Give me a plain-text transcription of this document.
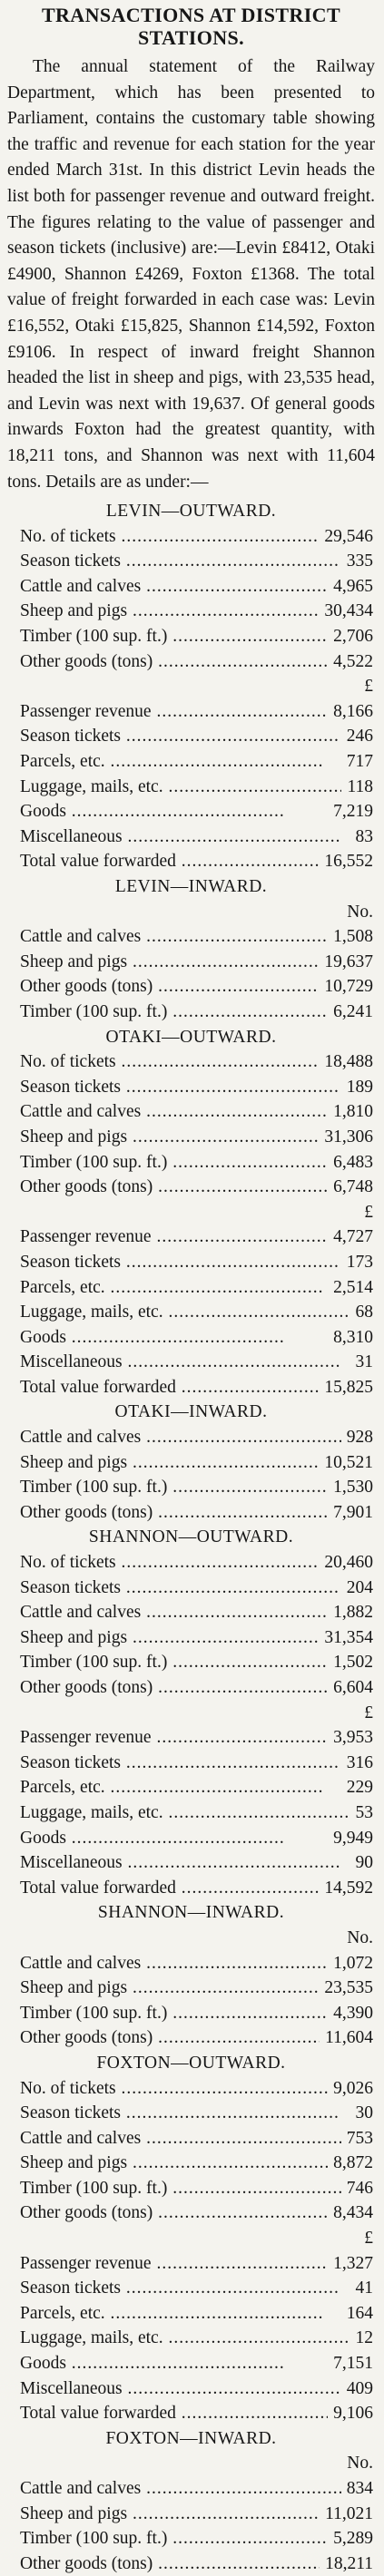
TRANSACTIONS AT DISTRICT
STATIONS.

The annual statement of the Railway Department, which has been presented to Parliament, contains the customary table showing the traffic and revenue for each station for the year ended March 31st. In this district Levin heads the list both for passenger revenue and outward freight. The figures relating to the value of passenger and season tickets (inclusive) are:—Levin £8412, Otaki £4900, Shannon £4269, Foxton £1368. The total value of freight forwarded in each case was: Levin £16,552, Otaki £15,825, Shannon £14,592, Foxton £9106. In respect of inward freight Shannon headed the list in sheep and pigs, with 23,535 head, and Levin was next with 19,637. Of general goods inwards Foxton had the greatest quantity, with 18,211 tons, and Shannon was next with 11,604 tons. Details are as under:—

LEVIN—OUTWARD.
No. of tickets .....	29,546
Season tickets .....	335
Cattle and calves .....	4,965
Sheep and pigs .....	30,434
Timber (100 sup. ft.) .....	2,706
Other goods (tons) .....	4,522
£
Passenger revenue .....	8,166
Season tickets .....	246
Parcels, etc. .....	717
Luggage, mails, etc. .....	118
Goods .....	7,219
Miscellaneous .....	83
Total value forwarded .....	16,552
LEVIN—INWARD.
No.
Cattle and calves .....	1,508
Sheep and pigs .....	19,637
Other goods (tons) .....	10,729
Timber (100 sup. ft.) .....	6,241
OTAKI—OUTWARD.
No. of tickets .....	18,488
Season tickets .....	189
Cattle and calves .....	1,810
Sheep and pigs .....	31,306
Timber (100 sup. ft.) .....	6,483
Other goods (tons) .....	6,748
£
Passenger revenue .....	4,727
Season tickets .....	173
Parcels, etc. .....	2,514
Luggage, mails, etc. .....	68
Goods .....	8,310
Miscellaneous .....	31
Total value forwarded .....	15,825
OTAKI—INWARD.
Cattle and calves .....	928
Sheep and pigs .....	10,521
Timber (100 sup. ft.) .....	1,530
Other goods (tons) .....	7,901
SHANNON—OUTWARD.
No. of tickets .....	20,460
Season tickets .....	204
Cattle and calves .....	1,882
Sheep and pigs .....	31,354
Timber (100 sup. ft.) .....	1,502
Other goods (tons) .....	6,604
£
Passenger revenue .....	3,953
Season tickets .....	316
Parcels, etc. .....	229
Luggage, mails, etc. .....	53
Goods .....	9,949
Miscellaneous .....	90
Total value forwarded .....	14,592
SHANNON—INWARD.
No.
Cattle and calves .....	1,072
Sheep and pigs .....	23,535
Timber (100 sup. ft.) .....	4,390
Other goods (tons) .....	11,604
FOXTON—OUTWARD.
No. of tickets .....	9,026
Season tickets .....	30
Cattle and calves .....	753
Sheep and pigs .....	8,872
Timber (100 sup. ft.) .....	746
Other goods (tons) .....	8,434
£
Passenger revenue .....	1,327
Season tickets .....	41
Parcels, etc. .....	164
Luggage, mails, etc. .....	12
Goods .....	7,151
Miscellaneous .....	409
Total value forwarded .....	9,106
FOXTON—INWARD.
No.
Cattle and calves .....	834
Sheep and pigs .....	11,021
Timber (100 sup. ft.) .....	5,289
Other goods (tons) .....	18,211
